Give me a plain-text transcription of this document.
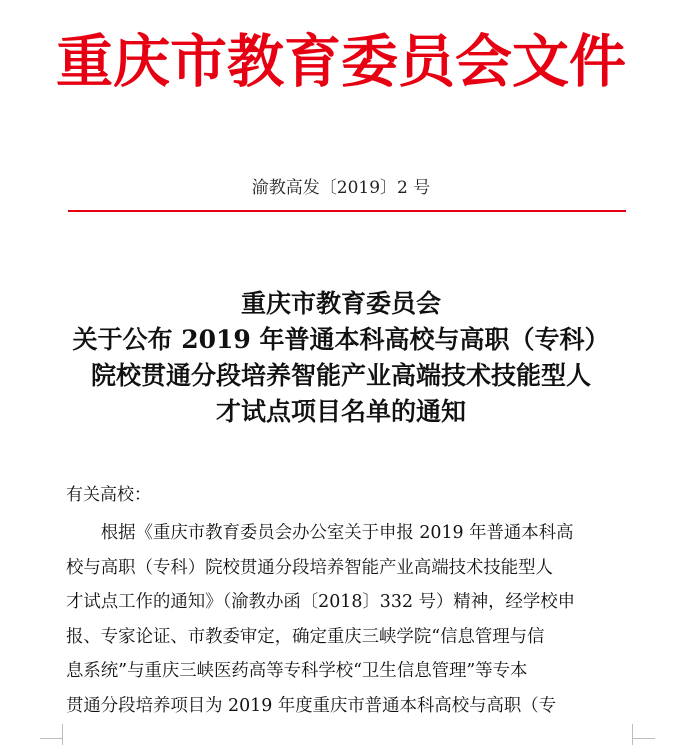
重庆市教育委员会文件
渝教高发〔2019〕2 号
重庆市教育委员会
关于公布 2019 年普通本科高校与高职（专科）
院校贯通分段培养智能产业高端技术技能型人
才试点项目名单的通知
有关高校：
　　根据《重庆市教育委员会办公室关于申报 2019 年普通本科高
校与高职（专科）院校贯通分段培养智能产业高端技术技能型人
才试点工作的通知》（渝教办函〔2018〕332 号）精神，经学校申
报、专家论证、市教委审定，确定重庆三峡学院“信息管理与信
息系统”与重庆三峡医药高等专科学校“卫生信息管理”等专本
贯通分段培养项目为 2019 年度重庆市普通本科高校与高职（专
